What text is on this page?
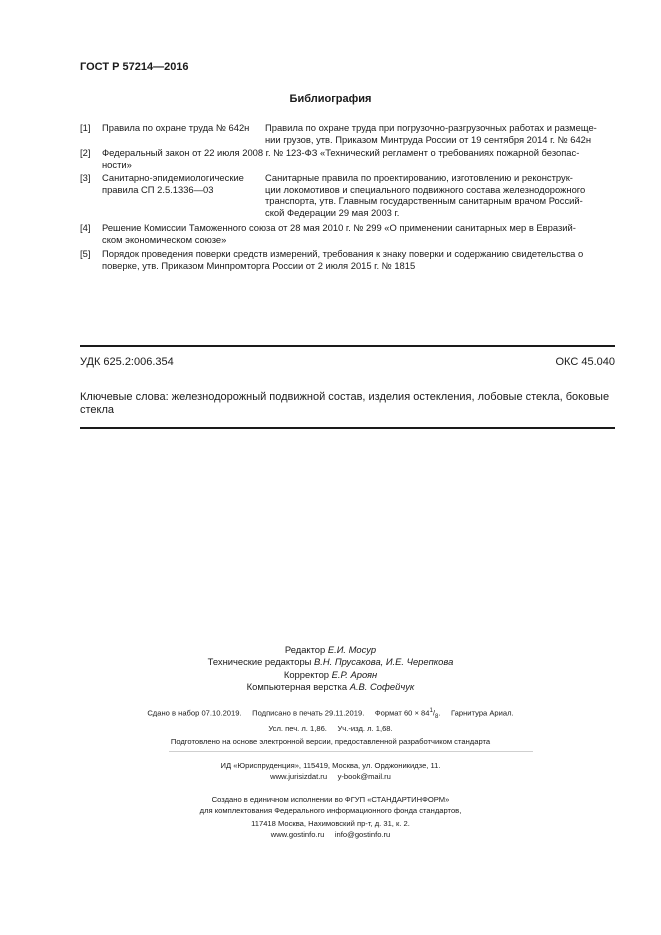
ГОСТ Р 57214—2016
Библиография
[1] Правила по охране труда № 642н	Правила по охране труда при погрузочно-разгрузочных работах и размеще-
нии грузов, утв. Приказом Минтруда России от 19 сентября 2014 г. № 642н
[2] Федеральный закон от 22 июля 2008 г. № 123-ФЗ «Технический регламент о требованиях пожарной безопас-
ности»
[3] Санитарно-эпидемиологические
правила СП 2.5.1336—03
Санитарные правила по проектированию, изготовлению и реконструк-
ции локомотивов и специального подвижного состава железнодорожного
транспорта, утв. Главным государственным санитарным врачом Россий-
ской Федерации 29 мая 2003 г.
[4] Решение Комиссии Таможенного союза от 28 мая 2010 г. № 299 «О применении санитарных мер в Евразий-
ском экономическом союзе»
[5] Порядок проведения поверки средств измерений, требования к знаку поверки и содержанию свидетельства о
поверке, утв. Приказом Минпромторга России от 2 июля 2015 г. № 1815
УДК 625.2:006.354	ОКС 45.040
Ключевые слова: железнодорожный подвижной состав, изделия остекления, лобовые стекла, боковые
стекла
Редактор Е.И. Мосур
Технические редакторы В.Н. Прусакова, И.Е. Черепкова
Корректор Е.Р. Ароян
Компьютерная верстка А.В. Софейчук
Сдано в набор 07.10.2019.     Подписано в печать 29.11.2019.     Формат $60 \times 84^1/_8$.     Гарнитура Ариал.
Усл. печ. л. 1,86.     Уч.-изд. л. 1,68.
Подготовлено на основе электронной версии, предоставленной разработчиком стандарта
ИД «Юриспруденция», 115419, Москва, ул. Орджоникидзе, 11.
www.jurisizdat.ru     y-book@mail.ru
Создано в единичном исполнении во ФГУП «СТАНДАРТИНФОРМ»
для комплектования Федерального информационного фонда стандартов,
117418 Москва, Нахимовский пр-т, д. 31, к. 2.
www.gostinfo.ru     info@gostinfo.ru
